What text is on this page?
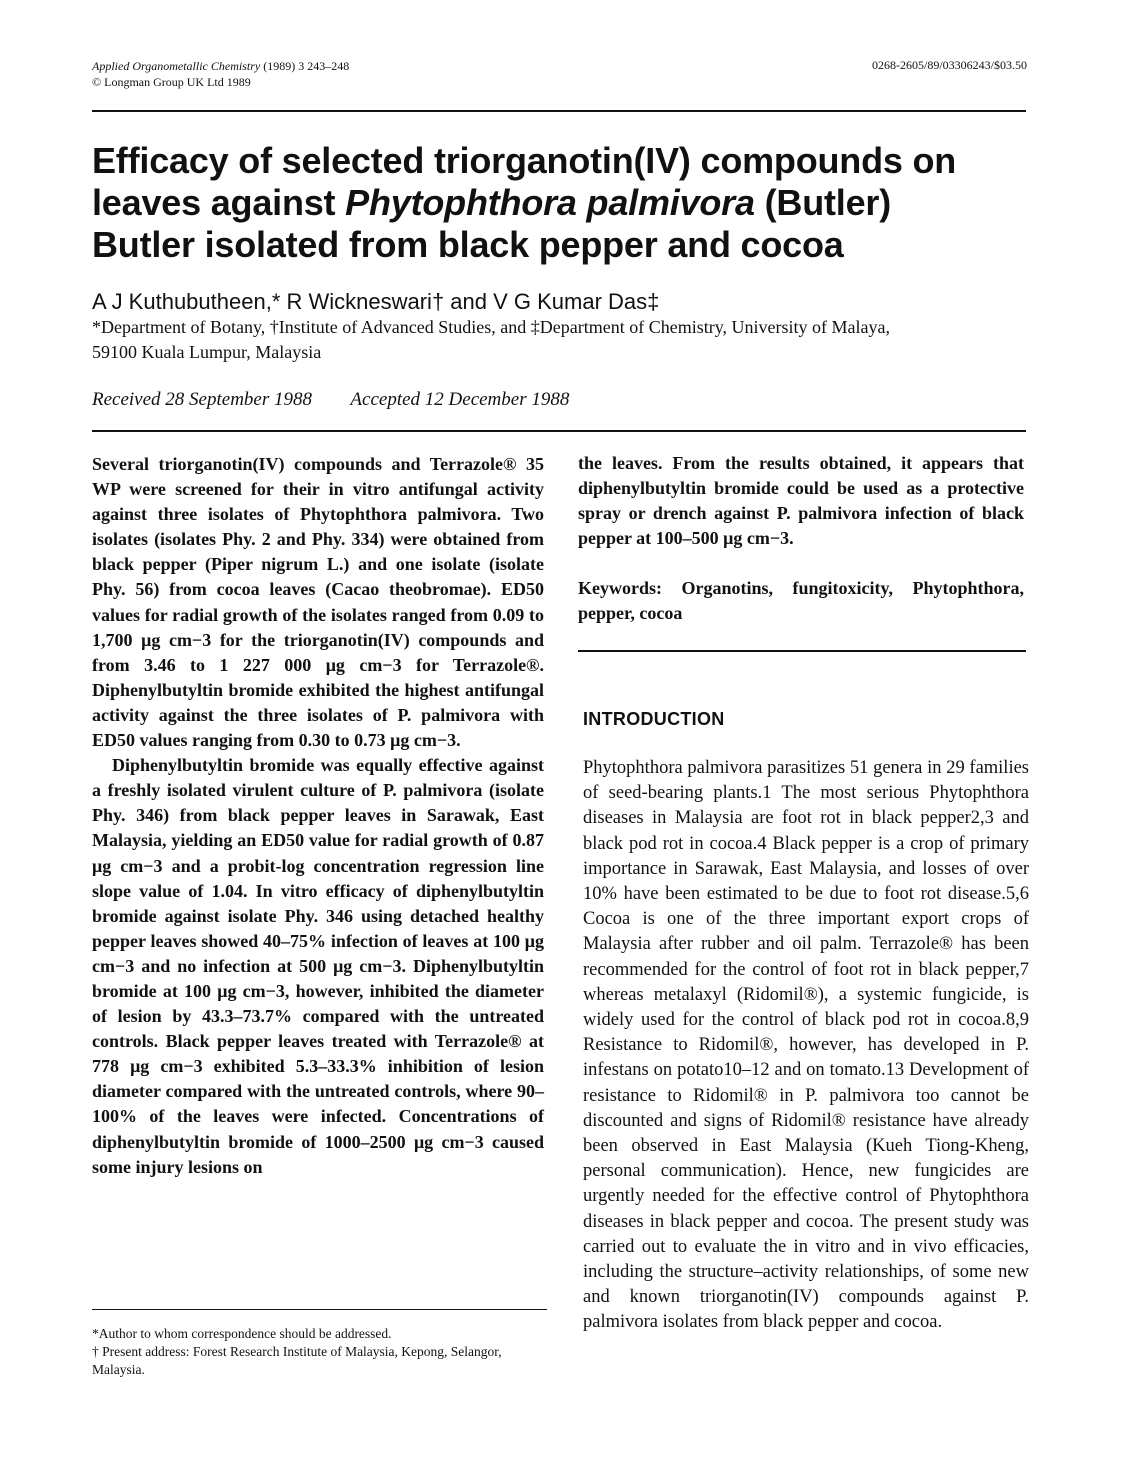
Applied Organometallic Chemistry (1989) 3 243–248
© Longman Group UK Ltd 1989
0268-2605/89/03306243/$03.50
Efficacy of selected triorganotin(IV) compounds on
leaves against Phytophthora palmivora (Butler)
Butler isolated from black pepper and cocoa
A J Kuthubutheen,* R Wickneswari† and V G Kumar Das‡
*Department of Botany, †Institute of Advanced Studies, and ‡Department of Chemistry, University of Malaya,
59100 Kuala Lumpur, Malaysia
Received 28 September 1988 Accepted 12 December 1988

Several triorganotin(IV) compounds and Terrazole® 35 WP were screened for their in vitro antifungal activity against three isolates of Phytophthora palmivora. Two isolates (isolates Phy. 2 and Phy. 334) were obtained from black pepper (Piper nigrum L.) and one isolate (isolate Phy. 56) from cocoa leaves (Cacao theobromae). ED50 values for radial growth of the isolates ranged from 0.09 to 1,700 μg cm−3 for the triorganotin(IV) compounds and from 3.46 to 1 227 000 μg cm−3 for Terrazole®. Diphenylbutyltin bromide exhibited the highest antifungal activity against the three isolates of P. palmivora with ED50 values ranging from 0.30 to 0.73 μg cm−3.

Diphenylbutyltin bromide was equally effective against a freshly isolated virulent culture of P. palmivora (isolate Phy. 346) from black pepper leaves in Sarawak, East Malaysia, yielding an ED50 value for radial growth of 0.87 μg cm−3 and a probit-log concentration regression line slope value of 1.04. In vitro efficacy of diphenylbutyltin bromide against isolate Phy. 346 using detached healthy pepper leaves showed 40–75% infection of leaves at 100 μg cm−3 and no infection at 500 μg cm−3. Diphenylbutyltin bromide at 100 μg cm−3, however, inhibited the diameter of lesion by 43.3–73.7% compared with the untreated controls. Black pepper leaves treated with Terrazole® at 778 μg cm−3 exhibited 5.3–33.3% inhibition of lesion diameter compared with the untreated controls, where 90–100% of the leaves were infected. Concentrations of diphenylbutyltin bromide of 1000–2500 μg cm−3 caused some injury lesions on

the leaves. From the results obtained, it appears that diphenylbutyltin bromide could be used as a protective spray or drench against P. palmivora infection of black pepper at 100–500 μg cm−3.

Keywords: Organotins, fungitoxicity, Phytophthora, pepper, cocoa
INTRODUCTION

Phytophthora palmivora parasitizes 51 genera in 29 families of seed-bearing plants.1 The most serious Phytophthora diseases in Malaysia are foot rot in black pepper2,3 and black pod rot in cocoa.4 Black pepper is a crop of primary importance in Sarawak, East Malaysia, and losses of over 10% have been estimated to be due to foot rot disease.5,6 Cocoa is one of the three important export crops of Malaysia after rubber and oil palm. Terrazole® has been recommended for the control of foot rot in black pepper,7 whereas metalaxyl (Ridomil®), a systemic fungicide, is widely used for the control of black pod rot in cocoa.8,9 Resistance to Ridomil®, however, has developed in P. infestans on potato10–12 and on tomato.13 Development of resistance to Ridomil® in P. palmivora too cannot be discounted and signs of Ridomil® resistance have already been observed in East Malaysia (Kueh Tiong-Kheng, personal communication). Hence, new fungicides are urgently needed for the effective control of Phytophthora diseases in black pepper and cocoa. The present study was carried out to evaluate the in vitro and in vivo efficacies, including the structure–activity relationships, of some new and known triorganotin(IV) compounds against P. palmivora isolates from black pepper and cocoa.

*Author to whom correspondence should be addressed.
† Present address: Forest Research Institute of Malaysia, Kepong, Selangor, Malaysia.
